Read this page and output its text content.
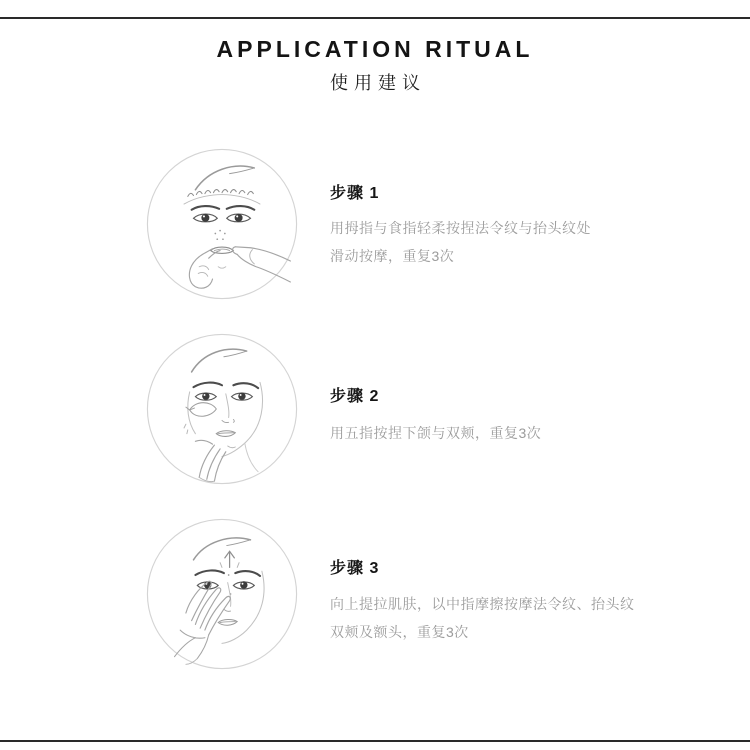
APPLICATION RITUAL
使用建议
步骤 1
用拇指与食指轻柔按捏法令纹与抬头纹处
滑动按摩，重复3次
步骤 2
用五指按捏下颌与双颊，重复3次
步骤 3
向上提拉肌肤，以中指摩擦按摩法令纹、抬头纹
双颊及额头，重复3次
